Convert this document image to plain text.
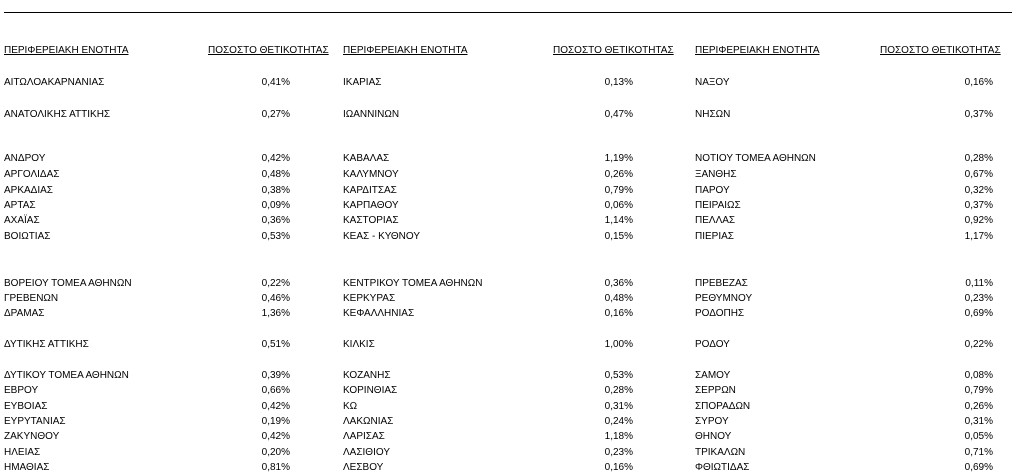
ΠΕΡΙΦΕΡΕΙΑΚΗ ΕΝΟΤΗΤΑ	ΠΟΣΟΣΤΟ ΘΕΤΙΚΟΤΗΤΑΣ
ΑΙΤΩΛΟΑΚΑΡΝΑΝΙΑΣ	0,41%
ΑΝΑΤΟΛΙΚΗΣ ΑΤΤΙΚΗΣ	0,27%
ΑΝΔΡΟΥ	0,42%
ΑΡΓΟΛΙΔΑΣ	0,48%
ΑΡΚΑΔΙΑΣ	0,38%
ΑΡΤΑΣ	0,09%
ΑΧΑΪΑΣ	0,36%
ΒΟΙΩΤΙΑΣ	0,53%
ΒΟΡΕΙΟΥ ΤΟΜΕΑ ΑΘΗΝΩΝ	0,22%
ΓΡΕΒΕΝΩΝ	0,46%
ΔΡΑΜΑΣ	1,36%
ΔΥΤΙΚΗΣ ΑΤΤΙΚΗΣ	0,51%
ΔΥΤΙΚΟΥ ΤΟΜΕΑ ΑΘΗΝΩΝ	0,39%
ΕΒΡΟΥ	0,66%
ΕΥΒΟΙΑΣ	0,42%
ΕΥΡΥΤΑΝΙΑΣ	0,19%
ΖΑΚΥΝΘΟΥ	0,42%
ΗΛΕΙΑΣ	0,20%
ΗΜΑΘΙΑΣ	0,81%
ΠΕΡΙΦΕΡΕΙΑΚΗ ΕΝΟΤΗΤΑ	ΠΟΣΟΣΤΟ ΘΕΤΙΚΟΤΗΤΑΣ
ΙΚΑΡΙΑΣ	0,13%
ΙΩΑΝΝΙΝΩΝ	0,47%
ΚΑΒΑΛΑΣ	1,19%
ΚΑΛΥΜΝΟΥ	0,26%
ΚΑΡΔΙΤΣΑΣ	0,79%
ΚΑΡΠΑΘΟΥ	0,06%
ΚΑΣΤΟΡΙΑΣ	1,14%
ΚΕΑΣ - ΚΥΘΝΟΥ	0,15%
ΚΕΝΤΡΙΚΟΥ ΤΟΜΕΑ ΑΘΗΝΩΝ	0,36%
ΚΕΡΚΥΡΑΣ	0,48%
ΚΕΦΑΛΛΗΝΙΑΣ	0,16%
ΚΙΛΚΙΣ	1,00%
ΚΟΖΑΝΗΣ	0,53%
ΚΟΡΙΝΘΙΑΣ	0,28%
ΚΩ	0,31%
ΛΑΚΩΝΙΑΣ	0,24%
ΛΑΡΙΣΑΣ	1,18%
ΛΑΣΙΘΙΟΥ	0,23%
ΛΕΣΒΟΥ	0,16%
ΠΕΡΙΦΕΡΕΙΑΚΗ ΕΝΟΤΗΤΑ	ΠΟΣΟΣΤΟ ΘΕΤΙΚΟΤΗΤΑΣ
ΝΑΞΟΥ	0,16%
ΝΗΣΩΝ	0,37%
ΝΟΤΙΟΥ ΤΟΜΕΑ ΑΘΗΝΩΝ	0,28%
ΞΑΝΘΗΣ	0,67%
ΠΑΡΟΥ	0,32%
ΠΕΙΡΑΙΩΣ	0,37%
ΠΕΛΛΑΣ	0,92%
ΠΙΕΡΙΑΣ	1,17%
ΠΡΕΒΕΖΑΣ	0,11%
ΡΕΘΥΜΝΟΥ	0,23%
ΡΟΔΟΠΗΣ	0,69%
ΡΟΔΟΥ	0,22%
ΣΑΜΟΥ	0,08%
ΣΕΡΡΩΝ	0,79%
ΣΠΟΡΑΔΩΝ	0,26%
ΣΥΡΟΥ	0,31%
ΘΗΝΟΥ	0,05%
ΤΡΙΚΑΛΩΝ	0,71%
ΦΘΙΩΤΙΔΑΣ	0,69%
